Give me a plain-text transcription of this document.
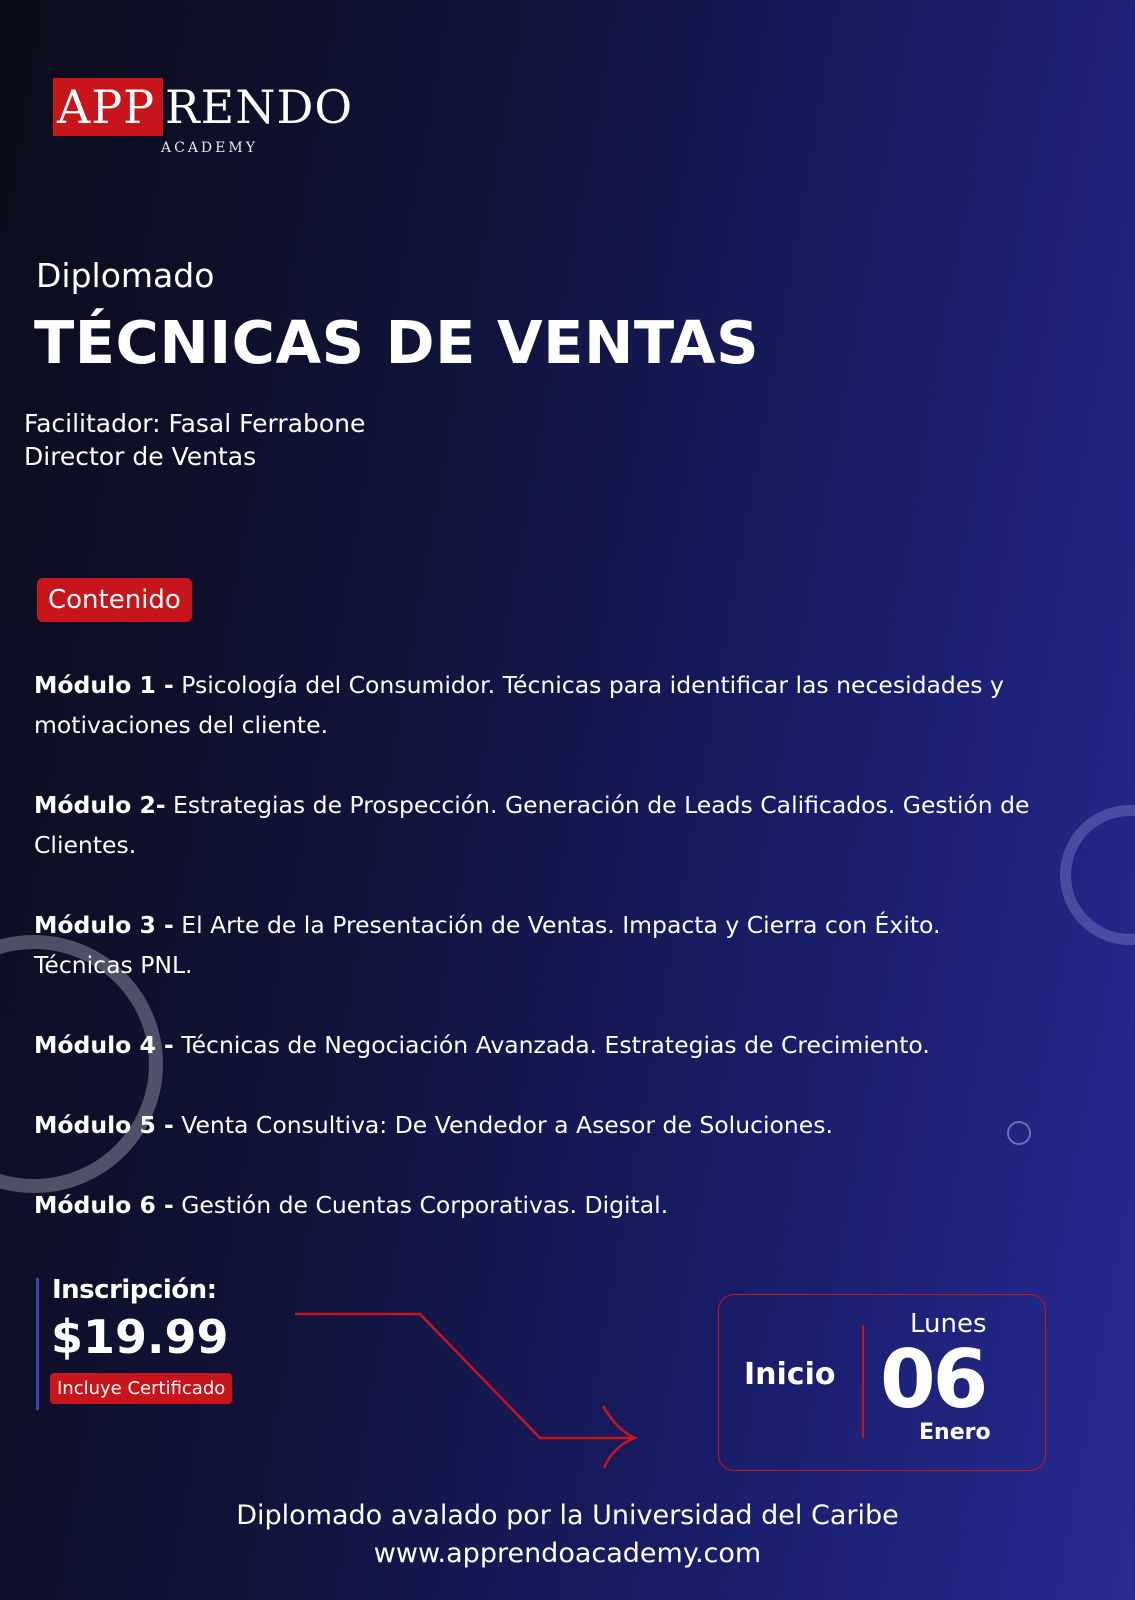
APP RENDO
ACADEMY
Diplomado
TÉCNICAS DE VENTAS
Facilitador: Fasal Ferrabone
Director de Ventas
Contenido
Módulo 1 - Psicología del Consumidor. Técnicas para identificar las necesidades y motivaciones del cliente.
Módulo 2- Estrategias de Prospección. Generación de Leads Calificados. Gestión de Clientes.
Módulo 3 - El Arte de la Presentación de Ventas. Impacta y Cierra con Éxito. Técnicas PNL.
Módulo 4 - Técnicas de Negociación Avanzada. Estrategias de Crecimiento.
Módulo 5 - Venta Consultiva: De Vendedor a Asesor de Soluciones.
Módulo 6 - Gestión de Cuentas Corporativas. Digital.
Inscripción:
$19.99
Incluye Certificado	Inicio
Lunes
06
Enero
Diplomado avalado por la Universidad del Caribe
www.apprendoacademy.com
